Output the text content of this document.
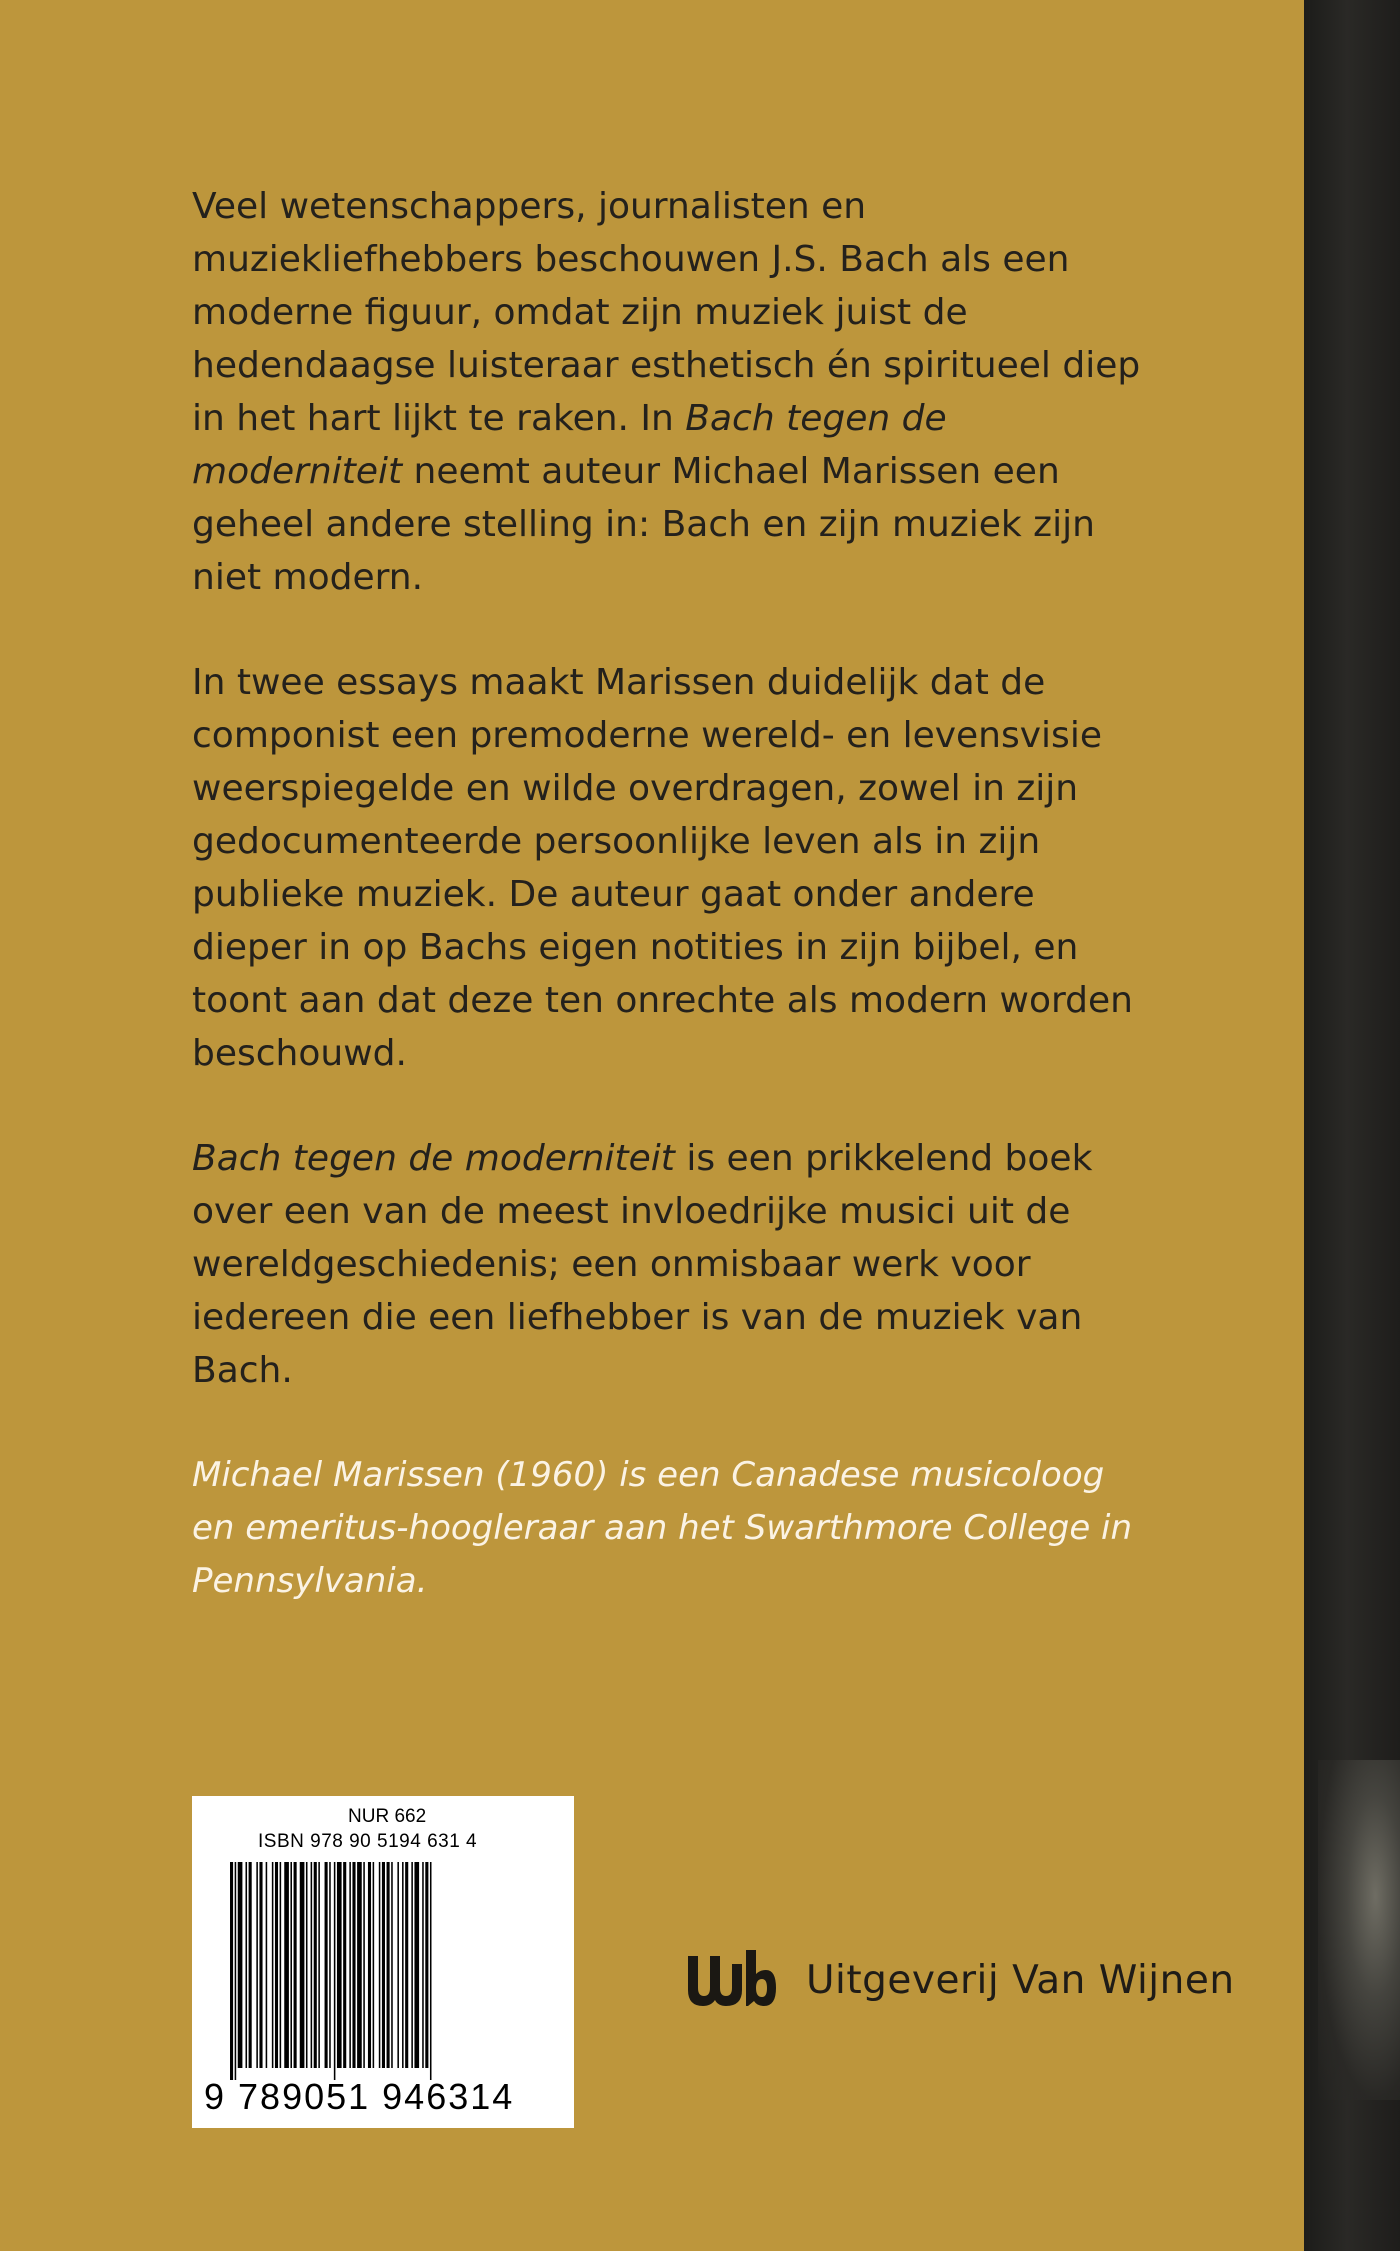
Veel wetenschappers, journalisten en muziekliefhebbers beschouwen J.S. Bach als een moderne figuur, omdat zijn muziek juist de hedendaagse luisteraar esthetisch én spiritueel diep in het hart lijkt te raken. In Bach tegen de moderniteit neemt auteur Michael Marissen een geheel andere stelling in: Bach en zijn muziek zijn niet modern.

In twee essays maakt Marissen duidelijk dat de componist een premoderne wereld- en levensvisie weerspiegelde en wilde overdragen, zowel in zijn gedocumenteerde persoonlijke leven als in zijn publieke muziek. De auteur gaat onder andere dieper in op Bachs eigen notities in zijn bijbel, en toont aan dat deze ten onrechte als modern worden beschouwd.

Bach tegen de moderniteit is een prikkelend boek over een van de meest invloedrijke musici uit de wereldgeschiedenis; een onmisbaar werk voor iedereen die een liefhebber is van de muziek van Bach.

Michael Marissen (1960) is een Canadese musicoloog en emeritus-hoogleraar aan het Swarthmore College in Pennsylvania.

NUR 662
ISBN 978 90 5194 631 4
9 789051 946314
Uitgeverij Van Wijnen
